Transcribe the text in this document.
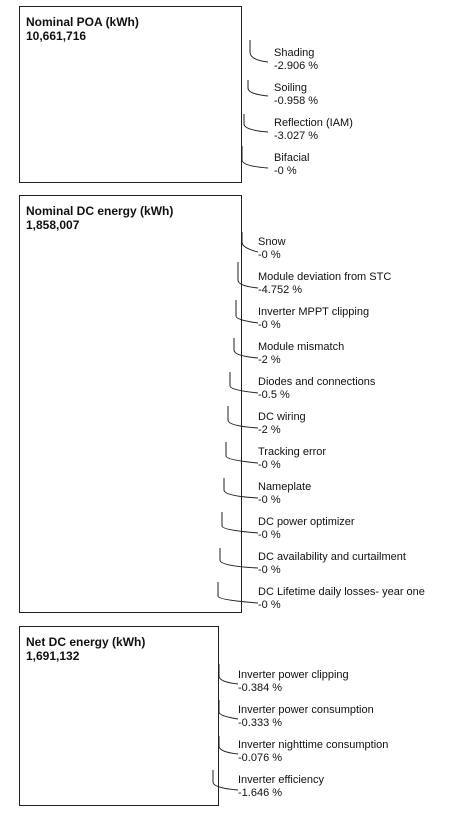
Nominal POA (kWh)
10,661,716
Shading
-2.906 %
Soiling
-0.958 %
Reflection (IAM)
-3.027 %
Bifacial
-0 %
Nominal DC energy (kWh)
1,858,007
Snow
-0 %
Module deviation from STC
-4.752 %
Inverter MPPT clipping
-0 %
Module mismatch
-2 %
Diodes and connections
-0.5 %
DC wiring
-2 %
Tracking error
-0 %
Nameplate
-0 %
DC power optimizer
-0 %
DC availability and curtailment
-0 %
DC Lifetime daily losses- year one
-0 %
Net DC energy (kWh)
1,691,132
Inverter power clipping
-0.384 %
Inverter power consumption
-0.333 %
Inverter nighttime consumption
-0.076 %
Inverter efficiency
-1.646 %
